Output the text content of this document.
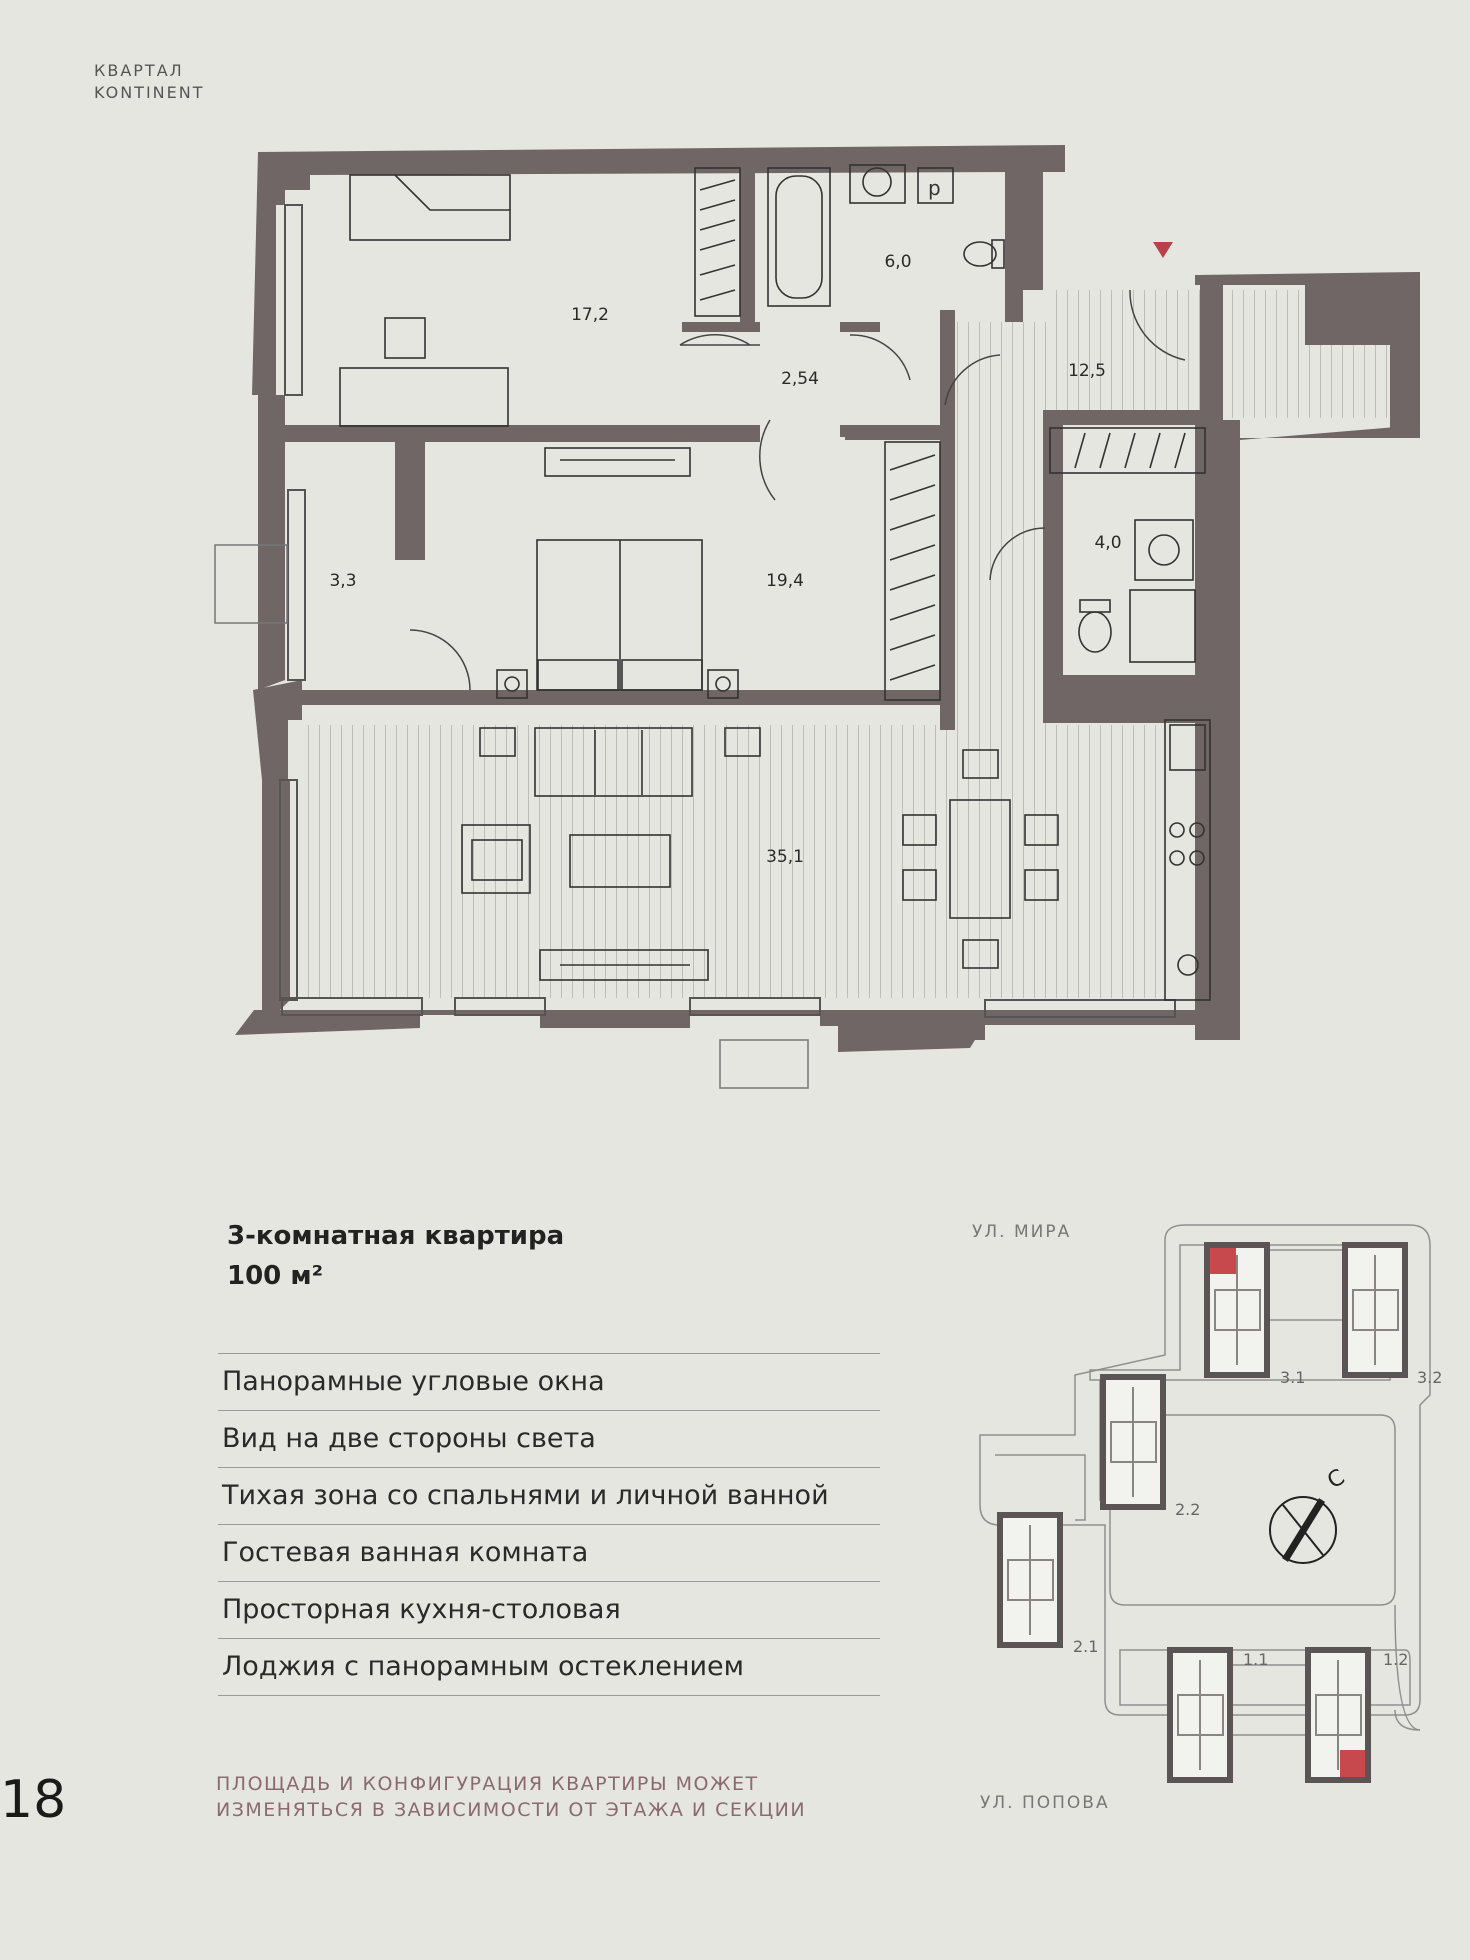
КВАРТАЛ
KONTINENT
p
17,2
6,0
2,54	12,5
3,3	19,4
4,0
35,1
3-комнатная квартира
100 м²
Панорамные угловые окна
Вид на две стороны света
Тихая зона со спальнями и личной ванной
Гостевая ванная комната
Просторная кухня-столовая
Лоджия с панорамным остеклением
18	ПЛОЩАДЬ И КОНФИГУРАЦИЯ КВАРТИРЫ МОЖЕТ
ИЗМЕНЯТЬСЯ В ЗАВИСИМОСТИ ОТ ЭТАЖА И СЕКЦИИ
УЛ. МИРА
УЛ. ПОПОВА
3.1	3.2
2.2
2.1
1.1	1.2
С
